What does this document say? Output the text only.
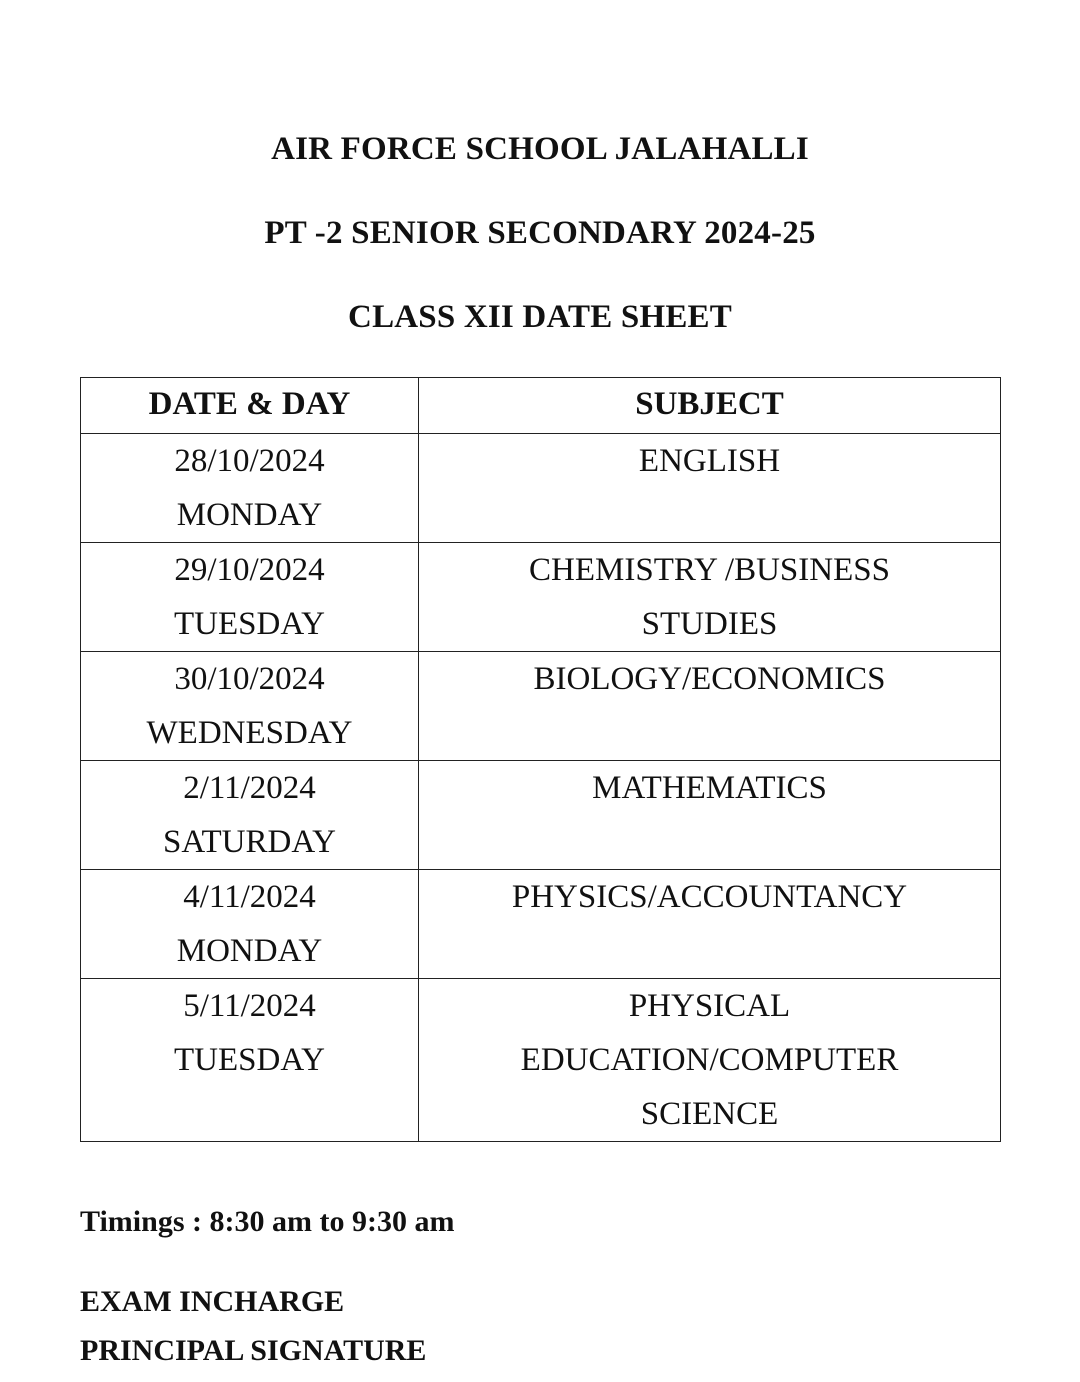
AIR FORCE SCHOOL JALAHALLI
PT -2 SENIOR SECONDARY 2024-25
CLASS XII DATE SHEET
DATE & DAY	SUBJECT

28/10/2024
MONDAY	ENGLISH

29/10/2024
TUESDAY	CHEMISTRY /BUSINESS
STUDIES

30/10/2024
WEDNESDAY	BIOLOGY/ECONOMICS

2/11/2024
SATURDAY	MATHEMATICS

4/11/2024
MONDAY	PHYSICS/ACCOUNTANCY

5/11/2024
TUESDAY	PHYSICAL
EDUCATION/COMPUTER
SCIENCE
Timings : 8:30 am to 9:30 am
EXAM INCHARGE
PRINCIPAL SIGNATURE
